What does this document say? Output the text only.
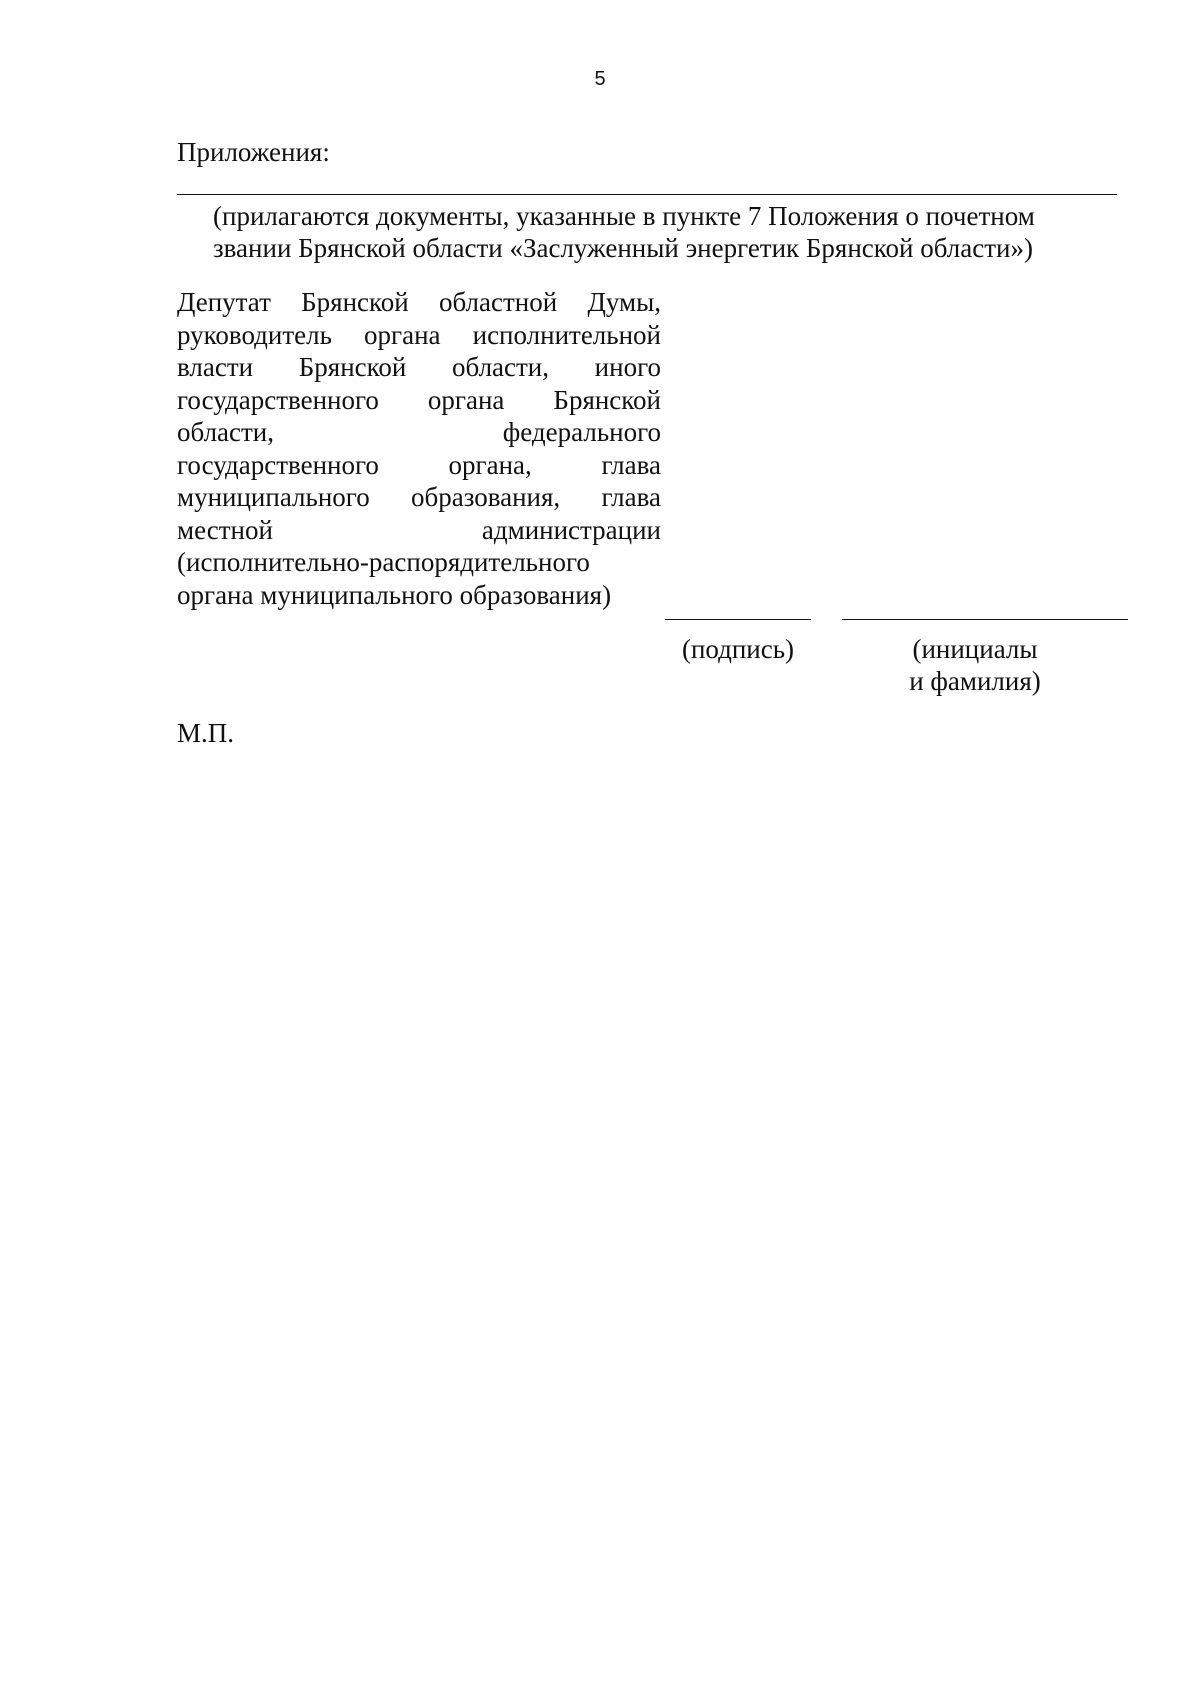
5
Приложения:
(прилагаются документы, указанные в пункте 7 Положения о почетном
звании Брянской области «Заслуженный энергетик Брянской области»)
Депутат Брянской областной Думы,
руководитель органа исполнительной
власти Брянской области, иного
государственного органа Брянской
области, федерального
государственного органа, глава
муниципального образования, глава
местной администрации
(исполнительно-распорядительного
органа муниципального образования)
(подпись)	(инициалы
и фамилия)
М.П.
